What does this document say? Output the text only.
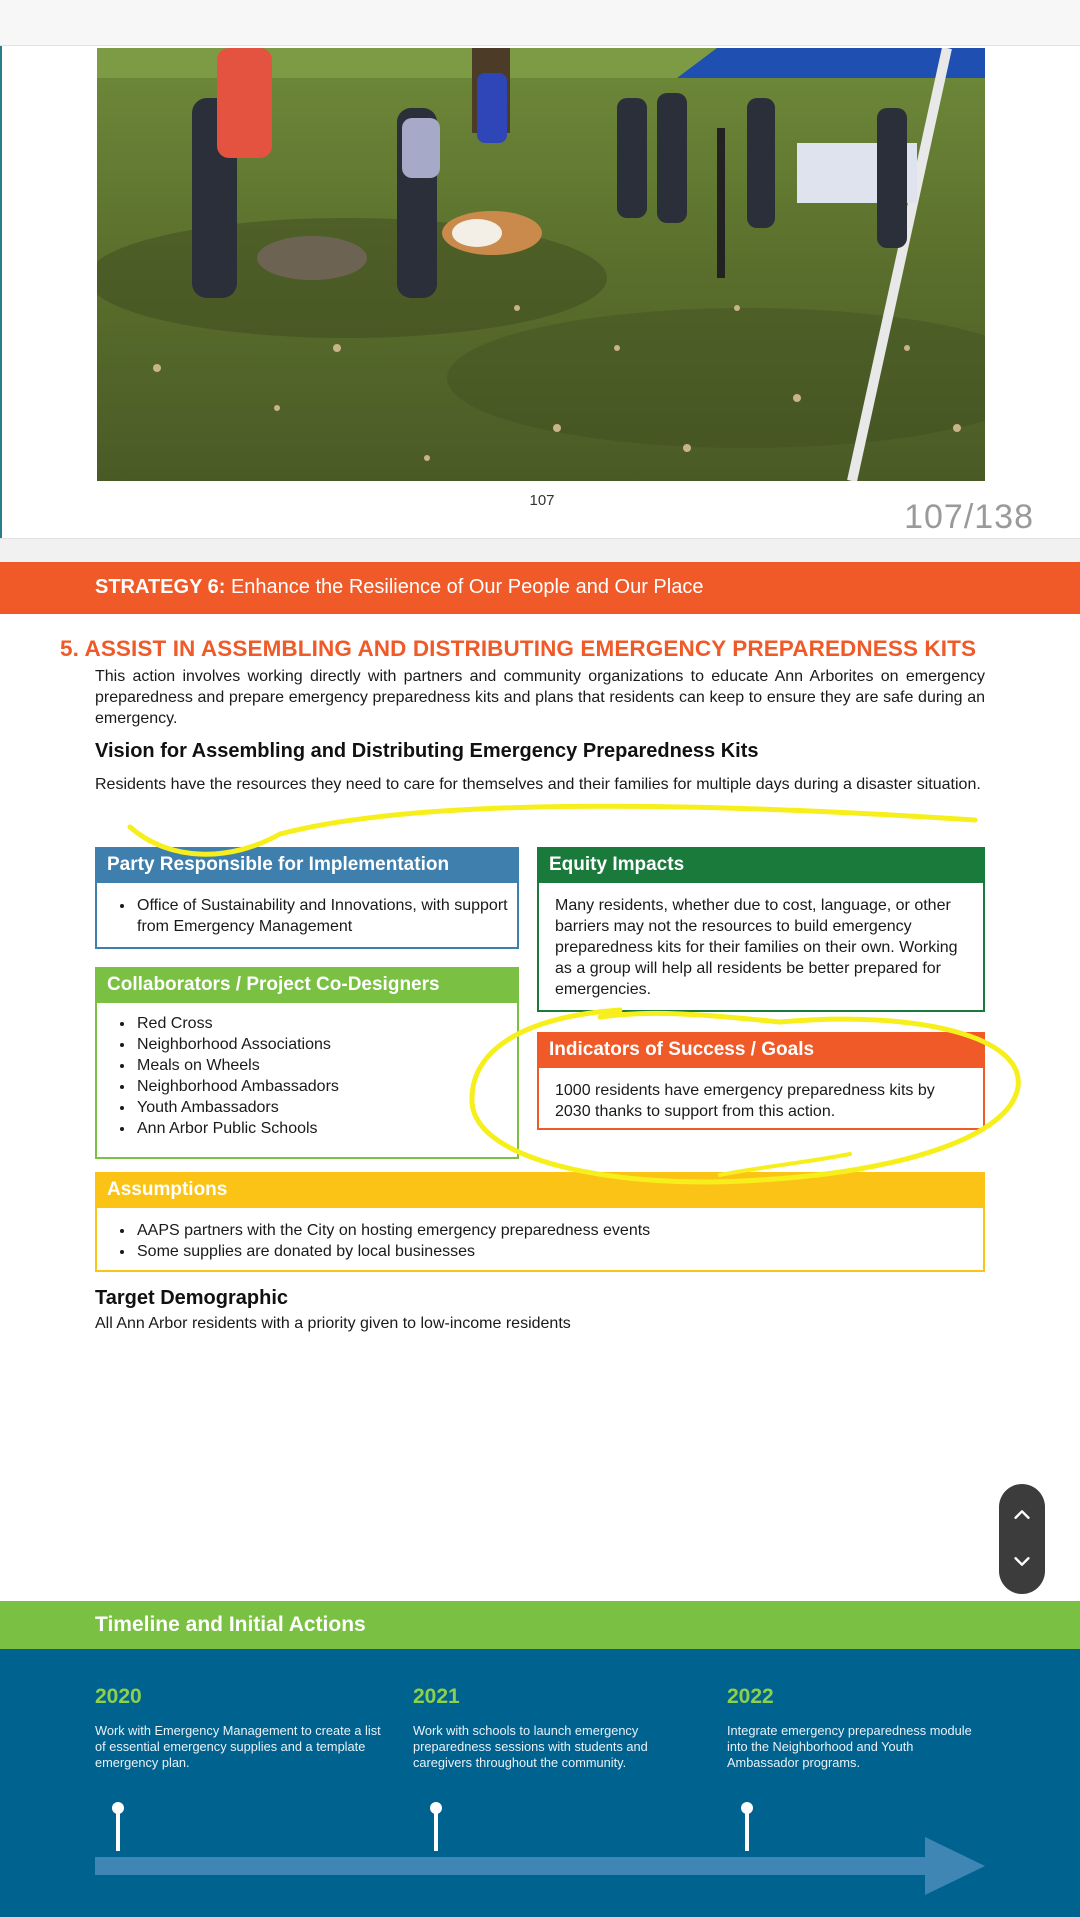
107	107/138
STRATEGY 6: Enhance the Resilience of Our People and Our Place
5. ASSIST IN ASSEMBLING AND DISTRIBUTING EMERGENCY PREPAREDNESS KITS
This action involves working directly with partners and community organizations to educate Ann Arborites on emergency preparedness and prepare emergency preparedness kits and plans that residents can keep to ensure they are safe during an emergency.
Vision for Assembling and Distributing Emergency Preparedness Kits
Residents have the resources they need to care for themselves and their families for multiple days during a disaster situation.
Party Responsible for Implementation
• Office of Sustainability and Innovations, with support from Emergency Management
Collaborators / Project Co-Designers
• Red Cross
• Neighborhood Associations
• Meals on Wheels
• Neighborhood Ambassadors
• Youth Ambassadors
• Ann Arbor Public Schools
Equity Impacts
Many residents, whether due to cost, language, or other barriers may not the resources to build emergency preparedness kits for their families on their own. Working as a group will help all residents be better prepared for emergencies.
Indicators of Success / Goals
1000 residents have emergency preparedness kits by 2030 thanks to support from this action.
Assumptions
• AAPS partners with the City on hosting emergency preparedness events
• Some supplies are donated by local businesses
Target Demographic
All Ann Arbor residents with a priority given to low-income residents
Timeline and Initial Actions
2020
Work with Emergency Management to create a list of essential emergency supplies and a template emergency plan.
2021
Work with schools to launch emergency preparedness sessions with students and caregivers throughout the community.
2022
Integrate emergency preparedness module into the Neighborhood and Youth Ambassador programs.
